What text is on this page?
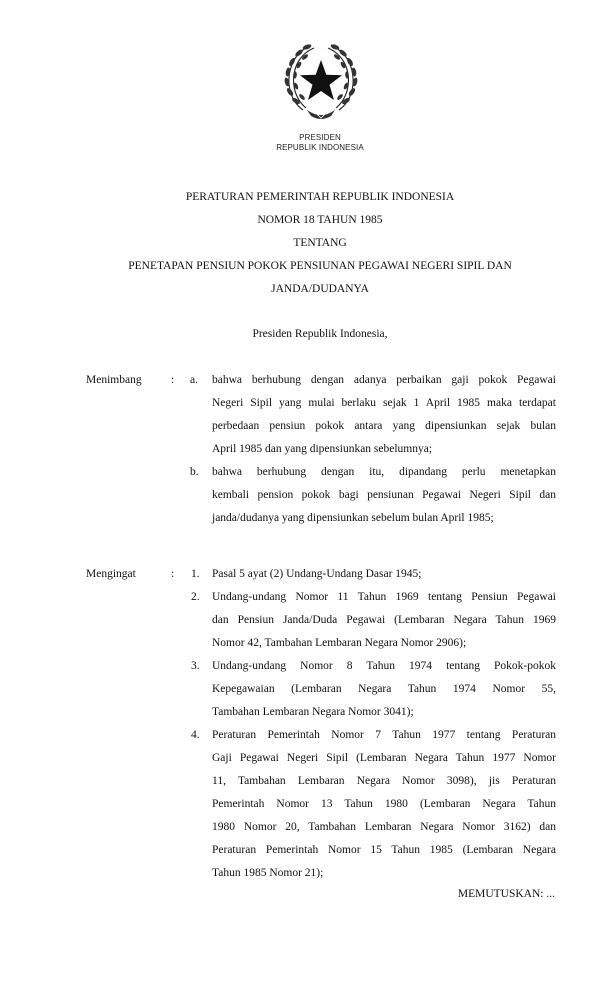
PRESIDEN
REPUBLIK INDONESIA
PERATURAN PEMERINTAH REPUBLIK INDONESIA
NOMOR 18 TAHUN 1985
TENTANG
PENETAPAN PENSIUN POKOK PENSIUNAN PEGAWAI NEGERI SIPIL DAN
JANDA/DUDANYA
Presiden Republik Indonesia,
Menimbang	: a. bahwa berhubung dengan adanya perbaikan gaji pokok Pegawai
Negeri Sipil yang mulai berlaku sejak 1 April 1985 maka terdapat
perbedaan pensiun pokok antara yang dipensiunkan sejak bulan
April 1985 dan yang dipensiunkan sebelumnya;
b. bahwa berhubung dengan itu, dipandang perlu menetapkan
kembali pension pokok bagi pensiunan Pegawai Negeri Sipil dan
janda/dudanya yang dipensiunkan sebelum bulan April 1985;
Mengingat	: 1. Pasal 5 ayat (2) Undang-Undang Dasar 1945;
2. Undang-undang Nomor 11 Tahun 1969 tentang Pensiun Pegawai
dan Pensiun Janda/Duda Pegawai (Lembaran Negara Tahun 1969
Nomor 42, Tambahan Lembaran Negara Nomor 2906);
3. Undang-undang Nomor 8 Tahun 1974 tentang Pokok-pokok
Kepegawaian (Lembaran Negara Tahun 1974 Nomor 55,
Tambahan Lembaran Negara Nomor 3041);
4. Peraturan Pemerintah Nomor 7 Tahun 1977 tentang Peraturan
Gaji Pegawai Negeri Sipil (Lembaran Negara Tahun 1977 Nomor
11, Tambahan Lembaran Negara Nomor 3098), jis Peraturan
Pemerintah Nomor 13 Tahun 1980 (Lembaran Negara Tahun
1980 Nomor 20, Tambahan Lembaran Negara Nomor 3162) dan
Peraturan Pemerintah Nomor 15 Tahun 1985 (Lembaran Negara
Tahun 1985 Nomor 21);
MEMUTUSKAN: ...
